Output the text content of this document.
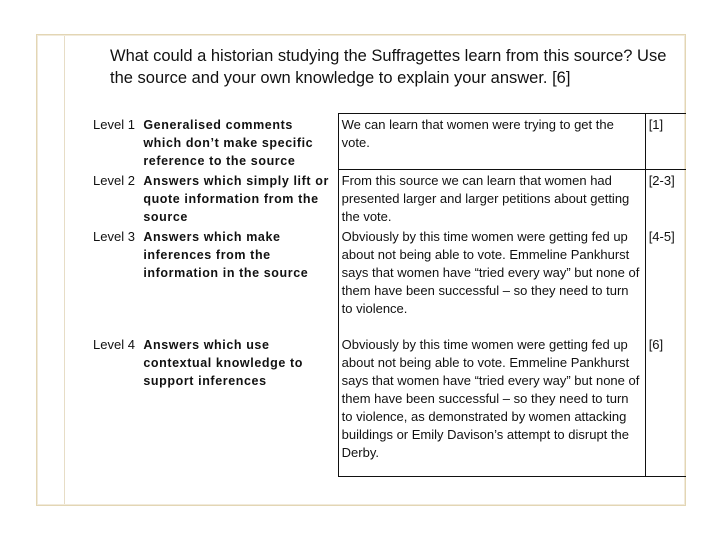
What could a historian studying the Suffragettes learn from this source? Use the source and your own knowledge to explain your answer. [6]
Level 1	Generalised comments which don’t make specific reference to the source	We can learn that women were trying to get the vote.	[1]
Level 2	Answers which simply lift or quote information from the source	From this source we can learn that women had presented larger and larger petitions about getting the vote.	[2-3]
Level 3	Answers which make inferences from the information in the source	Obviously by this time women were getting fed up about not being able to vote. Emmeline Pankhurst says that women have “tried every way” but none of them have been successful – so they need to turn to violence.	[4-5]
Level 4	Answers which use contextual knowledge to support inferences	Obviously by this time women were getting fed up about not being able to vote. Emmeline Pankhurst says that women have “tried every way” but none of them have been successful – so they need to turn to violence, as demonstrated by women attacking buildings or Emily Davison’s attempt to disrupt the Derby.	[6]
